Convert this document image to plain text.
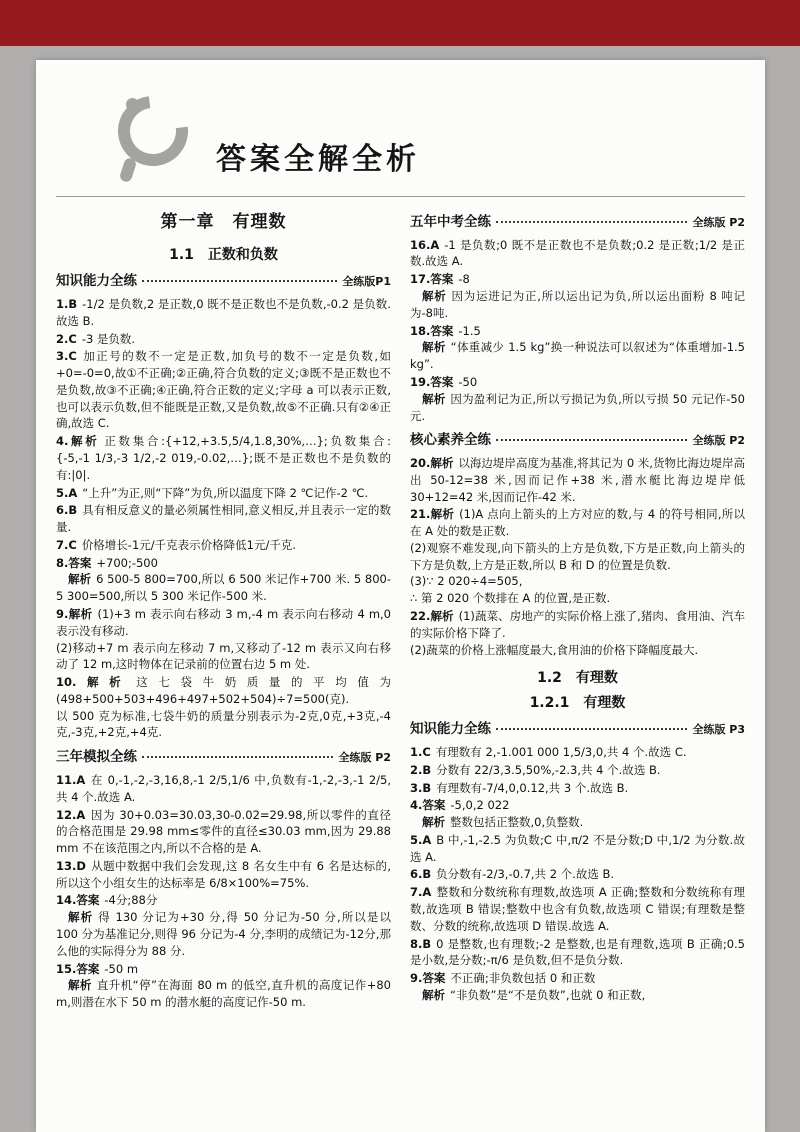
答案全解全析
第一章　有理数
1.1　正数和负数
知识能力全练	全练版P1

1.B -1/2 是负数,2 是正数,0 既不是正数也不是负数,-0.2 是负数.故选 B.

2.C -3 是负数.

3.C 加正号的数不一定是正数,加负号的数不一定是负数,如+0=-0=0,故①不正确;②正确,符合负数的定义;③既不是正数也不是负数,故③不正确;④正确,符合正数的定义;字母 a 可以表示正数,也可以表示负数,但不能既是正数,又是负数,故⑤不正确.只有②④正确,故选 C.

4.解析 正数集合:{+12,+3.5,5/4,1.8,30%,…};负数集合:{-5,-1 1/3,-3 1/2,-2 019,-0.02,…};既不是正数也不是负数的有:|0|.

5.A “上升”为正,则“下降”为负,所以温度下降 2 ℃记作-2 ℃.

6.B 具有相反意义的量必须属性相同,意义相反,并且表示一定的数量.

7.C 价格增长-1元/千克表示价格降低1元/千克.

8.答案 +700;-500

解析 6 500-5 800=700,所以 6 500 米记作+700 米. 5 800-5 300=500,所以 5 300 米记作-500 米.

9.解析 (1)+3 m 表示向右移动 3 m,-4 m 表示向右移动 4 m,0 表示没有移动.

(2)移动+7 m 表示向左移动 7 m,又移动了-12 m 表示又向右移动了 12 m,这时物体在记录前的位置右边 5 m 处.

10.解析 这七袋牛奶质量的平均值为(498+500+503+496+497+502+504)÷7=500(克).

以 500 克为标准,七袋牛奶的质量分别表示为-2克,0克,+3克,-4克,-3克,+2克,+4克.

三年模拟全练	全练版 P2

11.A 在 0,-1,-2,-3,16,8,-1 2/5,1/6 中,负数有-1,-2,-3,-1 2/5,共 4 个.故选 A.

12.A 因为 30+0.03=30.03,30-0.02=29.98,所以零件的直径的合格范围是 29.98 mm≤零件的直径≤30.03 mm,因为 29.88 mm 不在该范围之内,所以不合格的是 A.

13.D 从题中数据中我们会发现,这 8 名女生中有 6 名是达标的,所以这个小组女生的达标率是 6/8×100%=75%.

14.答案 -4分;88分

解析 得 130 分记为+30 分,得 50 分记为-50 分,所以是以 100 分为基准记分,则得 96 分记为-4 分,李明的成绩记为-12分,那么他的实际得分为 88 分.

15.答案 -50 m

解析 直升机“停”在海面 80 m 的低空,直升机的高度记作+80 m,则潜在水下 50 m 的潜水艇的高度记作-50 m.

五年中考全练	全练版 P2

16.A -1 是负数;0 既不是正数也不是负数;0.2 是正数;1/2 是正数.故选 A.

17.答案 -8

解析 因为运进记为正,所以运出记为负,所以运出面粉 8 吨记为-8吨.

18.答案 -1.5

解析 “体重减少 1.5 kg”换一种说法可以叙述为“体重增加-1.5 kg”.

19.答案 -50

解析 因为盈利记为正,所以亏损记为负,所以亏损 50 元记作-50 元.

核心素养全练	全练版 P2

20.解析 以海边堤岸高度为基准,将其记为 0 米,货物比海边堤岸高出 50-12=38 米,因而记作+38 米,潜水艇比海边堤岸低 30+12=42 米,因而记作-42 米.

21.解析 (1)A 点向上箭头的上方对应的数,与 4 的符号相同,所以在 A 处的数是正数.

(2)观察不难发现,向下箭头的上方是负数,下方是正数,向上箭头的下方是负数,上方是正数,所以 B 和 D 的位置是负数.

(3)∵ 2 020÷4=505,

∴ 第 2 020 个数排在 A 的位置,是正数.

22.解析 (1)蔬菜、房地产的实际价格上涨了,猪肉、食用油、汽车的实际价格下降了.

(2)蔬菜的价格上涨幅度最大,食用油的价格下降幅度最大.

1.2　有理数
1.2.1　有理数
知识能力全练	全练版 P3

1.C 有理数有 2,-1.001 000 1,5/3,0,共 4 个.故选 C.

2.B 分数有 22/3,3.5,50%,-2.3,共 4 个.故选 B.

3.B 有理数有-7/4,0,0.12,共 3 个.故选 B.

4.答案 -5,0,2 022

解析 整数包括正整数,0,负整数.

5.A B 中,-1,-2.5 为负数;C 中,π/2 不是分数;D 中,1/2 为分数.故选 A.

6.B 负分数有-2/3,-0.7,共 2 个.故选 B.

7.A 整数和分数统称有理数,故选项 A 正确;整数和分数统称有理数,故选项 B 错误;整数中也含有负数,故选项 C 错误;有理数是整数、分数的统称,故选项 D 错误.故选 A.

8.B 0 是整数,也有理数;-2 是整数,也是有理数,选项 B 正确;0.5 是小数,是分数;-π/6 是负数,但不是负分数.

9.答案 不正确;非负数包括 0 和正数

解析 “非负数”是“不是负数”,也就 0 和正数,
